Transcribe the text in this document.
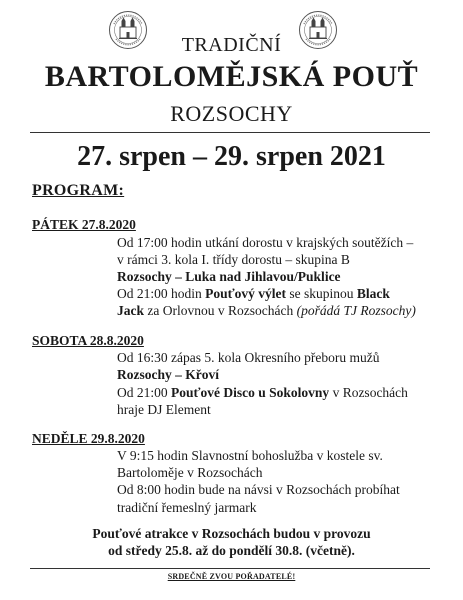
TRADIČNÍ
BARTOLOMĚJSKÁ POUŤ
ROZSOCHY
27. srpen – 29. srpen 2021
PROGRAM:
PÁTEK 27.8.2020
Od 17:00 hodin utkání dorostu v krajských soutěžích –
v rámci 3. kola I. třídy dorostu – skupina B
Rozsochy – Luka nad Jihlavou/Puklice
Od 21:00 hodin Pouťový výlet se skupinou Black
Jack za Orlovnou v Rozsochách (pořádá TJ Rozsochy)
SOBOTA 28.8.2020
Od 16:30 zápas 5. kola Okresního přeboru mužů
Rozsochy – Křoví
Od 21:00 Pouťové Disco u Sokolovny v Rozsochách
hraje DJ Element
NEDĚLE 29.8.2020
V 9:15 hodin Slavnostní bohoslužba v kostele sv.
Bartoloměje v Rozsochách
Od 8:00 hodin bude na návsi v Rozsochách probíhat
tradiční řemeslný jarmark
Pouťové atrakce v Rozsochách budou v provozu
od středy 25.8. až do pondělí 30.8. (včetně).
SRDEČNĚ ZVOU POŘADATELÉ!
